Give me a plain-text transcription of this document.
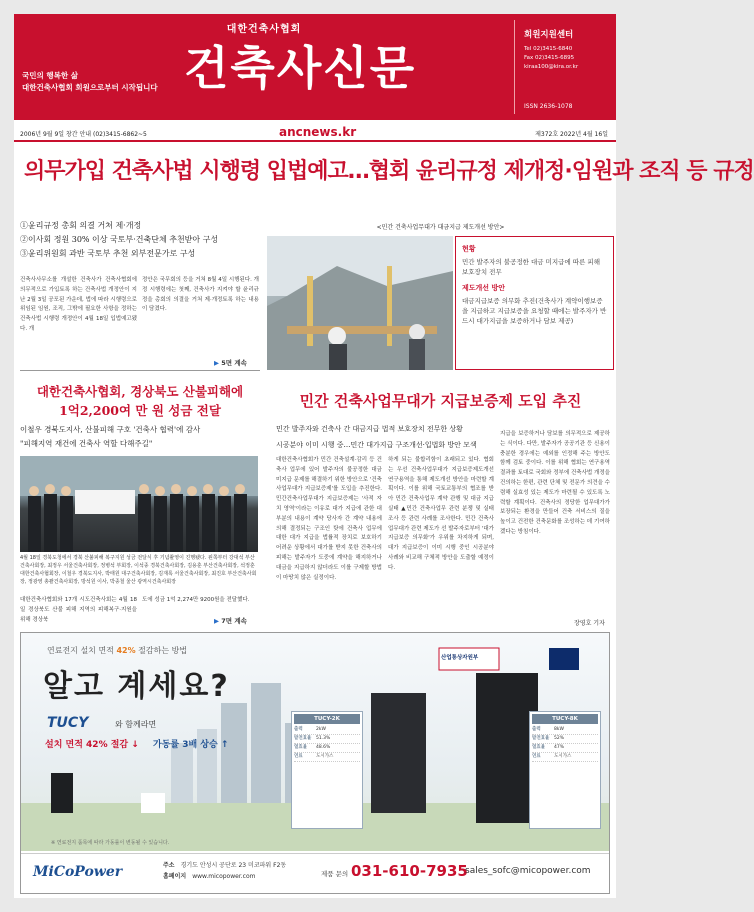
국민의 행복한 삶
대한건축사협회 회원으로부터 시작됩니다
대한건축사협회
건축사신문
회원지원센터
Tel 02)3415-6840
Fax 02)3415-6895
kiraa100@kira.or.kr
ISSN 2636-1078
2006년 9월 9일 창간 안내 (02)3415-6862~5	ancnews.kr	제372호 2022년 4월 16일
의무가입 건축사법 시행령 입법예고…협회 윤리규정 제개정·임원과 조직 등 규정
①윤리규정 총회 의결 거쳐 제·개정
②이사회 정원 30% 이상 국토부·건축단체 추천받아 구성
③윤리위원회 과반 국토부 추천 외부전문가로 구성
건축사사무소를 개설한 건축사가 건축사협회에 의무적으로 가입토록 하는 건축사법 개정안이 지난 2월 3일 공포된 가운데, 법에 따라 시행령으로 위임된 임원, 조직, 그밖에 필요한 사항을 정하는 건축사법 시행령 개정안이 4월 18일 입법예고됐다. 개
정안은 국무회의 등을 거쳐 8월 4일 시행된다. 개정 시행령에는 첫째, 건축사가 지켜야 할 윤리규정을 총회의 의결을 거쳐 제·개정토록 하는 내용이 담겼다.
▶ 5면 계속
<민간 건축사업무대가 대금지급 제도개선 방안>
현황
민간 발주자의 불공정한 대금 미지급에 따른 피해 보호장치 전무
제도개선 방안
대금지급보증 의무화 추진(건축사가 계약이행보증을 지급하고 지급보증을 요청할 때에는 발주자가 반드시 대가지급을 보증하거나 담보 제공)
대한건축사협회, 경상북도 산불피해에
1억2,200여 만 원 성금 전달
이철우 경북도지사, 산불피해 구호 '건축사 협력'에 감사
"피해지역 재건에 건축사 역할 다해주길"
4월 18일 경북도청에서 경북 산불피해 복구지원 성금 전달식 후 기념촬영이 진행됐다. 왼쪽부터 강대석 부산건축사회장, 최정우 서울건축사회장, 정병석 부회장, 이석종 경북건축사회장, 김용훈 부산건축사회장, 석정훈 대한건축사협회장, 이철우 경북도지사, 박태원 대구건축사회장, 김재록 서울건축사회장, 최진호 부산건축사회장, 정광영 총괄건축사회장, 방석원 이사, 박종철 울산 광역시건축사회장
대한건축사협회와 17개 시도건축사회는 4월 18일 경상북도 산불 피해 지역의 피해복구·지원을 위해 경상북
도에 성금 1억 2,274만 9200원을 전달했다.
▶ 7면 계속
민간 건축사업무대가 지급보증제 도입 추진
민간 발주자와 건축사 간 대금지급 법적 보호장치 전무한 상황
시공분야 이미 시행 중…민간 대가지급 구조개선·입법화 방안 모색
대한건축사협회가 민간 건축설계·감리 등 건축사 업무에 있어 발주자의 불공정한 대금 미지급 문제를 해결하기 위한 방안으로 '건축사업무대가 지급보증제'를 도입을 추진한다. 민간건축사업무대가 지급보증제는 '사적 자치 영역'이라는 이유로 대가 지급에 관한 대부분의 내용이 계약 당사자 간 계약 내용에 의해 결정되는 구조인 탓에 건축사 업무에 대한 대가 지급을 법률적 장치로 보호하기 어려운 상황에서 대가를 받지 못한 건축사의 피해는 발주자가 도중에 계약을 해지하거나 대금을 지급하지 않더라도 이를 구제할 방법이 마땅치 않은 실정이다.
하게 되는 불합리함이 초래되고 있다. 협회는 우선 건축사업무대가 지급보증제도개선 연구용역을 통해 제도개선 방안을 마련할 계획이다. 이를 위해 국토교통부의 협조를 받아 민간 건축사업무 계약 관행 및 대금 지급 실태 ▲민간 건축사업무 관련 분쟁 및 실태 조사 등 관련 사례를 조사한다. 민간 건축사업무대가 관련 제도가 선 발주자로부터 '대가 지급보증 의무화'가 우위를 차지하게 되며, 대가 지급보증이 이미 시행 중인 시공분야 사례와 비교해 구체적 방안을 도출할 예정이다.
지급을 보증하거나 담보를 의무적으로 제공하는 식이다. 다만, 발주자가 공공기관 등 신용이 충분한 경우에는 예외를 인정해 주는 방안도 함께 검토 중이다. 이를 위해 협회는 연구용역 결과를 토대로 국회와 정부에 건축사법 개정을 건의하는 한편, 관련 단체 및 전문가 의견을 수렴해 실효성 있는 제도가 마련될 수 있도록 노력할 계획이다. 건축사의 정당한 업무대가가 보장되는 환경을 만들어 건축 서비스의 질을 높이고 건전한 건축문화를 조성하는 데 기여하겠다는 방침이다.
장영호 기자
연료전지 설치 면적 42% 절감하는 방법
알고 계세요?
TUCY	와 함께라면
설치 면적 42% 절감 ↓ 가동률 3배 상승 ↑
산업통상자원부
TUCY-2K
출력	2kW
발전효율	51.3%
열효율	48.6%
연료	도시가스
TUCY-8K
출력	8kW
발전효율	52%
열효율	47%
연료	도시가스
※ 연료전지 품목에 따라 가동률이 변동될 수 있습니다.
MiCoPower	주소 경기도 안성시 공단로 23 미코파워 F2동
홈페이지 www.micopower.com	제품 문의 031-610-7935
sales_sofc@micopower.com
